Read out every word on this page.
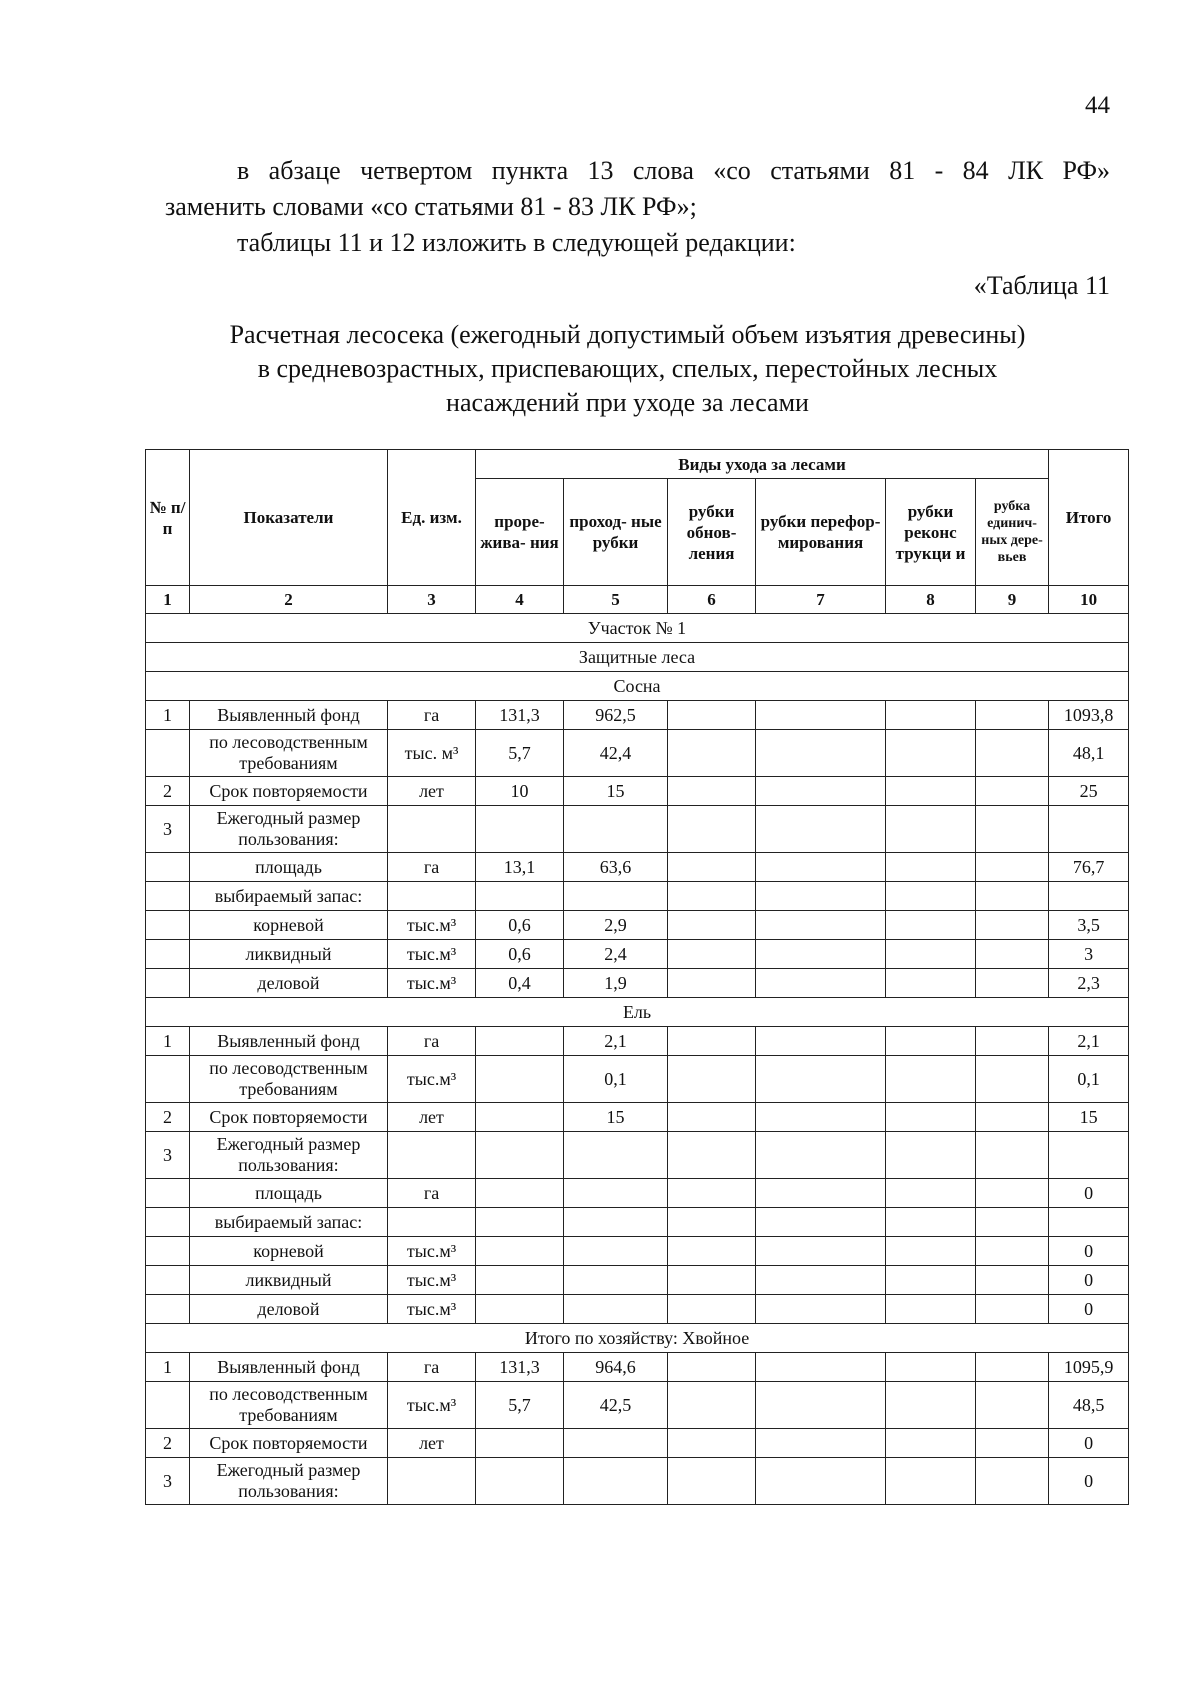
44
в абзаце четвертом пункта 13 слова «со статьями 81 - 84 ЛК РФ»
заменить словами «со статьями 81 - 83 ЛК РФ»;
таблицы 11 и 12 изложить в следующей редакции:
«Таблица 11
Расчетная лесосека (ежегодный допустимый объем изъятия древесины)
в средневозрастных, приспевающих, спелых, перестойных лесных
насаждений при уходе за лесами
№ п/ п	Показатели	Ед. изм.	Виды ухода за лесами						Итого
			проре- жива- ния	проход- ные рубки	рубки обнов- ления	рубки перефор- мирования	рубки реконс трукци и	рубка единич- ных дере- вьев	
1	2	3	4	5	6	7	8	9	10
Участок № 1									
Защитные леса									
Сосна									
1	Выявленный фонд	га	131,3	962,5					1093,8
	по лесоводственным требованиям	тыс. м³	5,7	42,4					48,1
2	Срок повторяемости	лет	10	15					25
3	Ежегодный размер пользования:								
	площадь	га	13,1	63,6					76,7
	выбираемый запас:								
	корневой	тыс.м³	0,6	2,9					3,5
	ликвидный	тыс.м³	0,6	2,4					3
	деловой	тыс.м³	0,4	1,9					2,3
Ель									
1	Выявленный фонд	га		2,1					2,1
	по лесоводственным требованиям	тыс.м³		0,1					0,1
2	Срок повторяемости	лет		15					15
3	Ежегодный размер пользования:								
	площадь	га							0
	выбираемый запас:								
	корневой	тыс.м³							0
	ликвидный	тыс.м³							0
	деловой	тыс.м³							0
Итого по хозяйству: Хвойное									
1	Выявленный фонд	га	131,3	964,6					1095,9
	по лесоводственным требованиям	тыс.м³	5,7	42,5					48,5
2	Срок повторяемости	лет							0
3	Ежегодный размер пользования:								0
